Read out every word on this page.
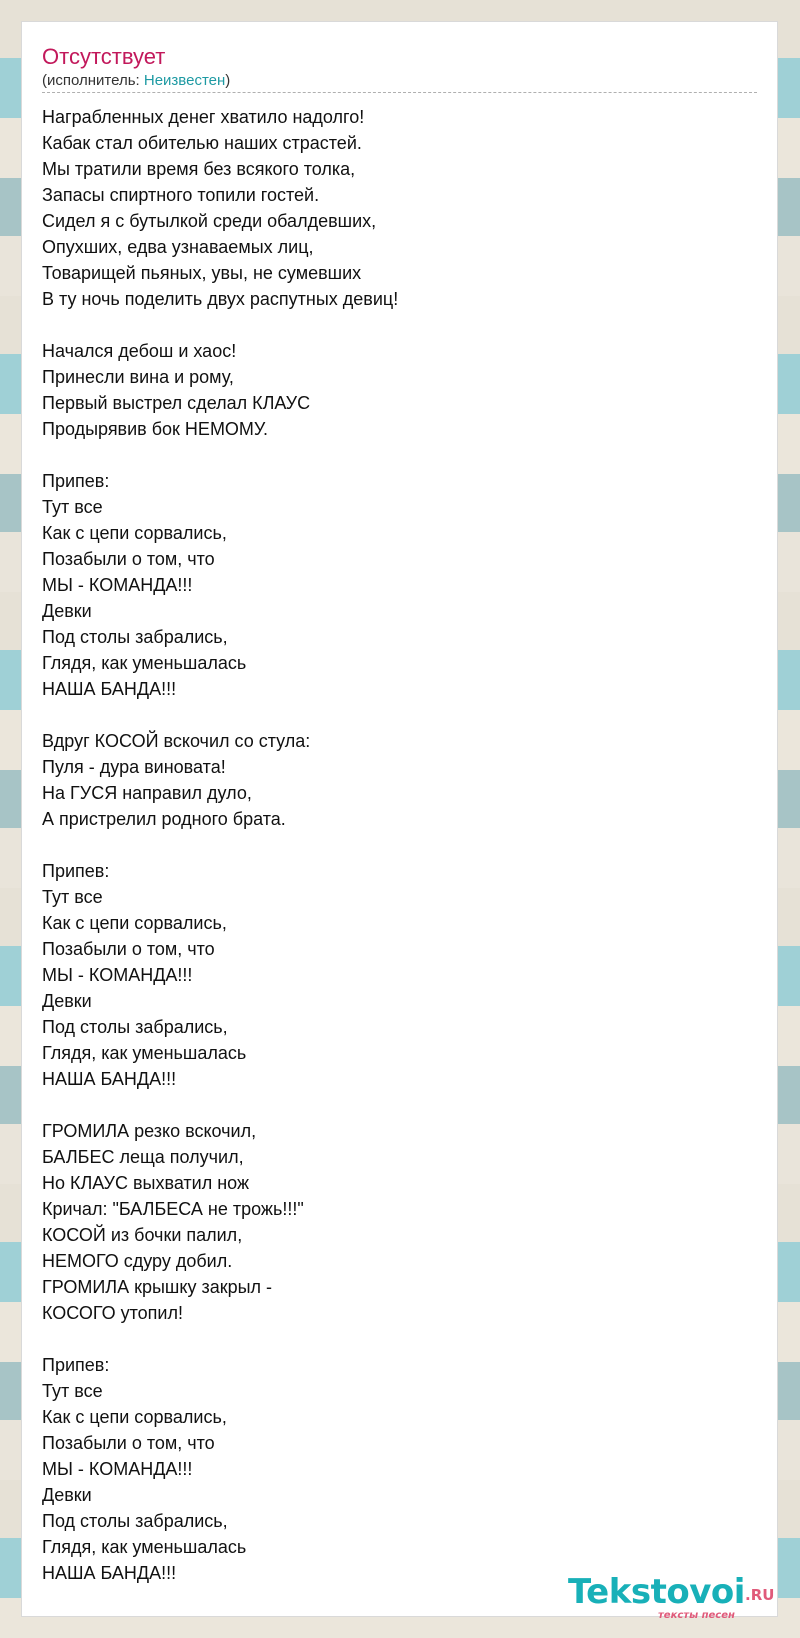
Отсутствует
(исполнитель: Неизвестен)
Награбленных денег хватило надолго!
Кабак стал обителью наших страстей.
Мы тратили время без всякого толка,
Запасы спиртного топили гостей.
Сидел я с бутылкой среди обалдевших,
Опухших, едва узнаваемых лиц,
Товарищей пьяных, увы, не сумевших
В ту ночь поделить двух распутных девиц!

Начался дебош и хаос!
Принесли вина и рому,
Первый выстрел сделал КЛАУС
Продырявив бок НЕМОМУ.

Припев:
Тут все
Как с цепи сорвались,
Позабыли о том, что
МЫ - КОМАНДА!!!
Девки
Под столы забрались,
Глядя, как уменьшалась
НАША БАНДА!!!

Вдруг КОСОЙ вскочил со стула:
Пуля - дура виновата!
На ГУСЯ направил дуло,
А пристрелил родного брата.

Припев:
Тут все
Как с цепи сорвались,
Позабыли о том, что
МЫ - КОМАНДА!!!
Девки
Под столы забрались,
Глядя, как уменьшалась
НАША БАНДА!!!

ГРОМИЛА резко вскочил,
БАЛБЕС леща получил,
Но КЛАУС выхватил нож
Кричал: "БАЛБЕСА не трожь!!!"
КОСОЙ из бочки палил,
НЕМОГО сдуру добил.
ГРОМИЛА крышку закрыл -
КОСОГО утопил!

Припев:
Тут все
Как с цепи сорвались,
Позабыли о том, что
МЫ - КОМАНДА!!!
Девки
Под столы забрались,
Глядя, как уменьшалась
НАША БАНДА!!!	Tekstovoi .RU
тексты песен
